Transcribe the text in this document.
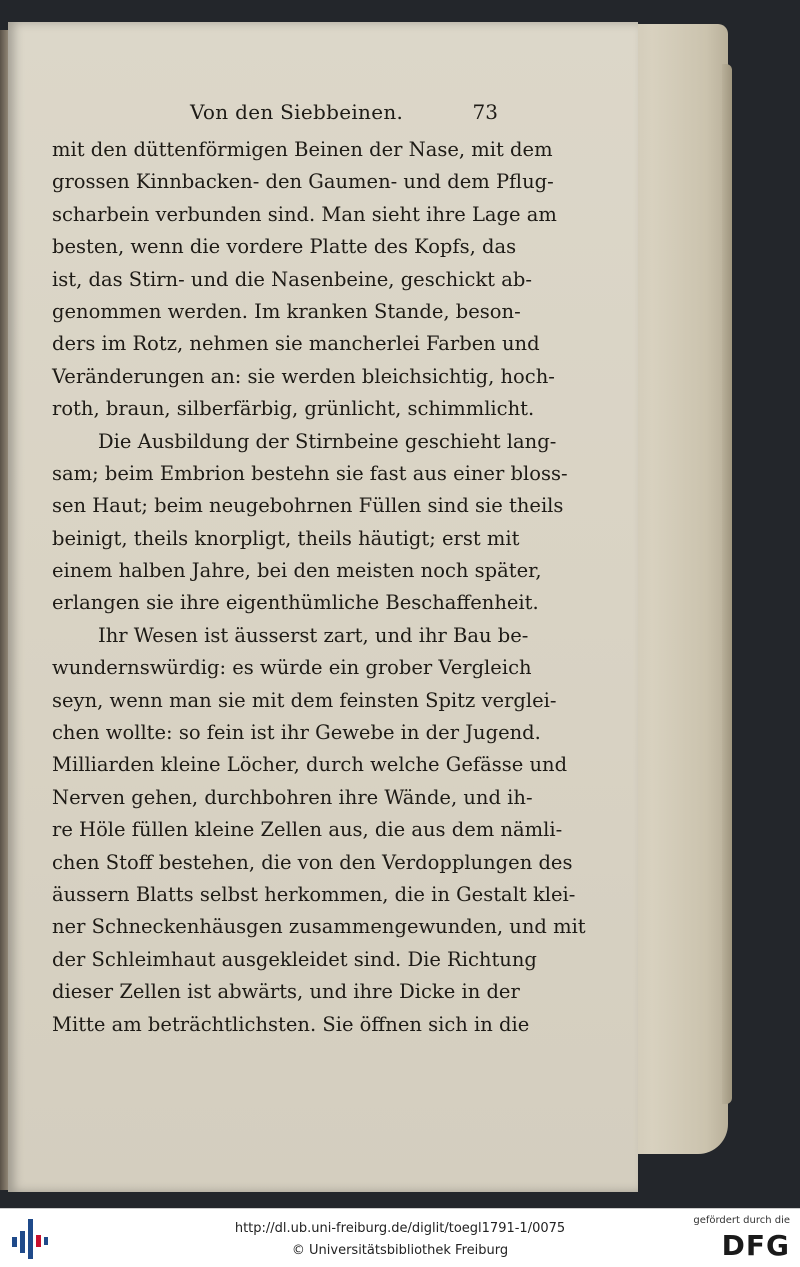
Von den Siebbeinen.	73
mit den düttenförmigen Beinen der Nase, mit dem
grossen Kinnbacken- den Gaumen- und dem Pflug-
scharbein verbunden sind. Man sieht ihre Lage am
besten, wenn die vordere Platte des Kopfs, das
ist, das Stirn- und die Nasenbeine, geschickt ab-
genommen werden. Im kranken Stande, beson-
ders im Rotz, nehmen sie mancherlei Farben und
Veränderungen an: sie werden bleichsichtig, hoch-
roth, braun, silberfärbig, grünlicht, schimmlicht.
Die Ausbildung der Stirnbeine geschieht lang-
sam; beim Embrion bestehn sie fast aus einer bloss-
sen Haut; beim neugebohrnen Füllen sind sie theils
beinigt, theils knorpligt, theils häutigt; erst mit
einem halben Jahre, bei den meisten noch später,
erlangen sie ihre eigenthümliche Beschaffenheit.
Ihr Wesen ist äusserst zart, und ihr Bau be-
wundernswürdig: es würde ein grober Vergleich
seyn, wenn man sie mit dem feinsten Spitz verglei-
chen wollte: so fein ist ihr Gewebe in der Jugend.
Milliarden kleine Löcher, durch welche Gefässe und
Nerven gehen, durchbohren ihre Wände, und ih-
re Höle füllen kleine Zellen aus, die aus dem nämli-
chen Stoff bestehen, die von den Verdopplungen des
äussern Blatts selbst herkommen, die in Gestalt klei-
ner Schneckenhäusgen zusammengewunden, und mit
der Schleimhaut ausgekleidet sind. Die Richtung
dieser Zellen ist abwärts, und ihre Dicke in der
Mitte am beträchtlichsten. Sie öffnen sich in die
http://dl.ub.uni-freiburg.de/diglit/toegl1791-1/0075
© Universitätsbibliothek Freiburg
gefördert durch die
DFG
